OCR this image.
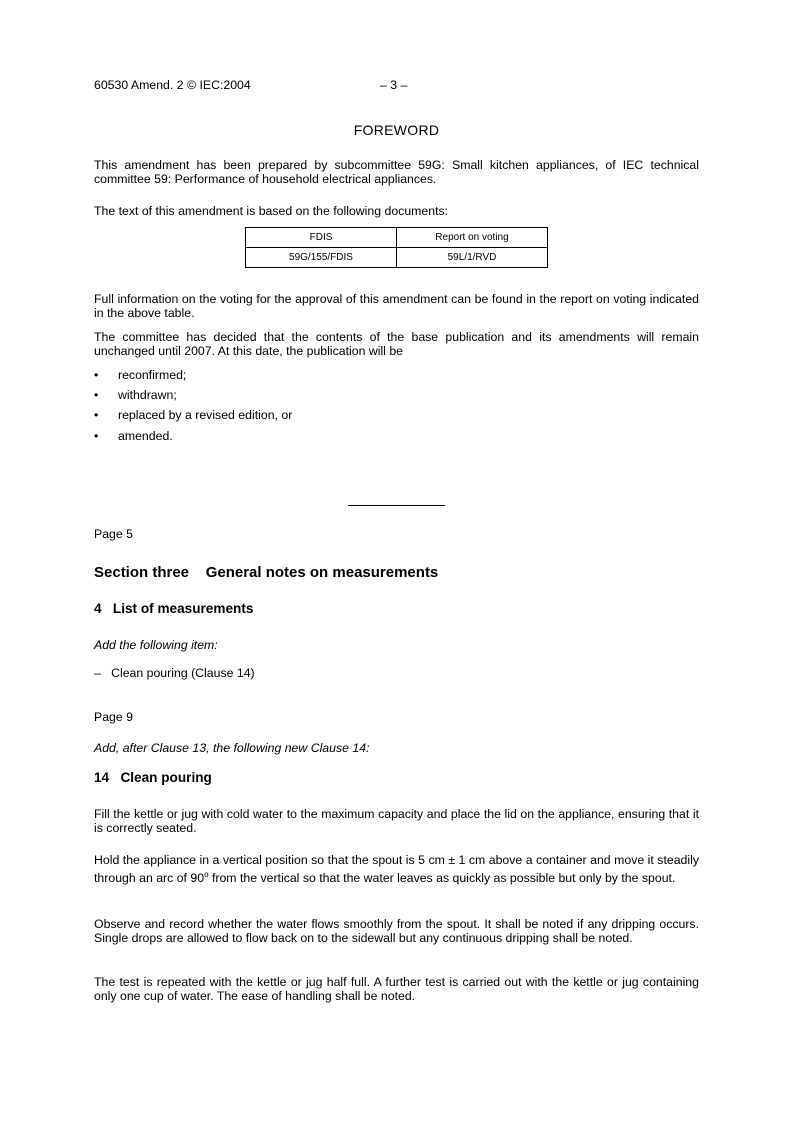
60530 Amend. 2 © IEC:2004	– 3 –
FOREWORD
This amendment has been prepared by subcommittee 59G: Small kitchen appliances, of IEC technical committee 59: Performance of household electrical appliances.
The text of this amendment is based on the following documents:
FDIS	Report on voting
59G/155/FDIS	59L/1/RVD
Full information on the voting for the approval of this amendment can be found in the report on voting indicated in the above table.
The committee has decided that the contents of the base publication and its amendments will remain unchanged until 2007. At this date, the publication will be
• reconfirmed;
• withdrawn;
• replaced by a revised edition, or
• amended.
Page 5
Section three    General notes on measurements
4   List of measurements
Add the following item:
–   Clean pouring (Clause 14)
Page 9
Add, after Clause 13, the following new Clause 14:
14   Clean pouring
Fill the kettle or jug with cold water to the maximum capacity and place the lid on the appliance, ensuring that it is correctly seated.
Hold the appliance in a vertical position so that the spout is 5 cm ± 1 cm above a container and move it steadily through an arc of 90$^o$ from the vertical so that the water leaves as quickly as possible but only by the spout.
Observe and record whether the water flows smoothly from the spout. It shall be noted if any dripping occurs. Single drops are allowed to flow back on to the sidewall but any continuous dripping shall be noted.
The test is repeated with the kettle or jug half full. A further test is carried out with the kettle or jug containing only one cup of water. The ease of handling shall be noted.
